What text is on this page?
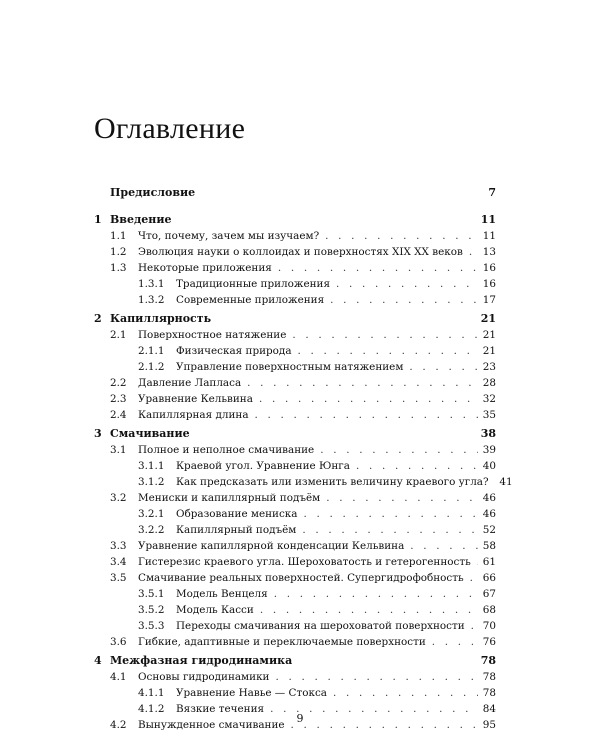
Оглавление
Предисловие	7
1 Введение	11
1.1	Что, почему, зачем мы изучаем? . . .	11
1.2	Эволюция науки о коллоидах и поверхностях XIX XX веков . . . 13
1.3	Некоторые приложения . . .	16
1.3.1	Традиционные приложения . . .	16
1.3.2	Современные приложения . . .	17
2 Капиллярность	21
2.1	Поверхностное натяжение . . .	21
2.1.1	Физическая природа . . .	21
2.1.2	Управление поверхностным натяжением . . .	23
2.2	Давление Лапласа . . .	28
2.3	Уравнение Кельвина . . .	32
2.4	Капиллярная длина . . .	35
3 Смачивание	38
3.1	Полное и неполное смачивание . . .	39
3.1.1	Краевой угол. Уравнение Юнга . . .	40
3.1.2	Как предсказать или изменить величину краевого угла? 41
3.2	Мениски и капиллярный подъём . . .	46
3.2.1	Образование мениска . . .	46
3.2.2	Капиллярный подъём . . .	52
3.3	Уравнение капиллярной конденсации Кельвина . . .	58
3.4	Гистерезис краевого угла. Шероховатость и гетерогенность . . . 61
3.5	Смачивание реальных поверхностей. Супергидрофобность . . . 66
3.5.1	Модель Венцеля . . .	67
3.5.2	Модель Касси . . .	68
3.5.3	Переходы смачивания на шероховатой поверхности . . . 70
3.6	Гибкие, адаптивные и переключаемые поверхности . . .	76
4 Межфазная гидродинамика	78
4.1	Основы гидродинамики . . .	78
4.1.1	Уравнение Навье — Стокса . . .	78
4.1.2	Вязкие течения . . .	84
4.2	Вынужденное смачивание . . .	95
9
